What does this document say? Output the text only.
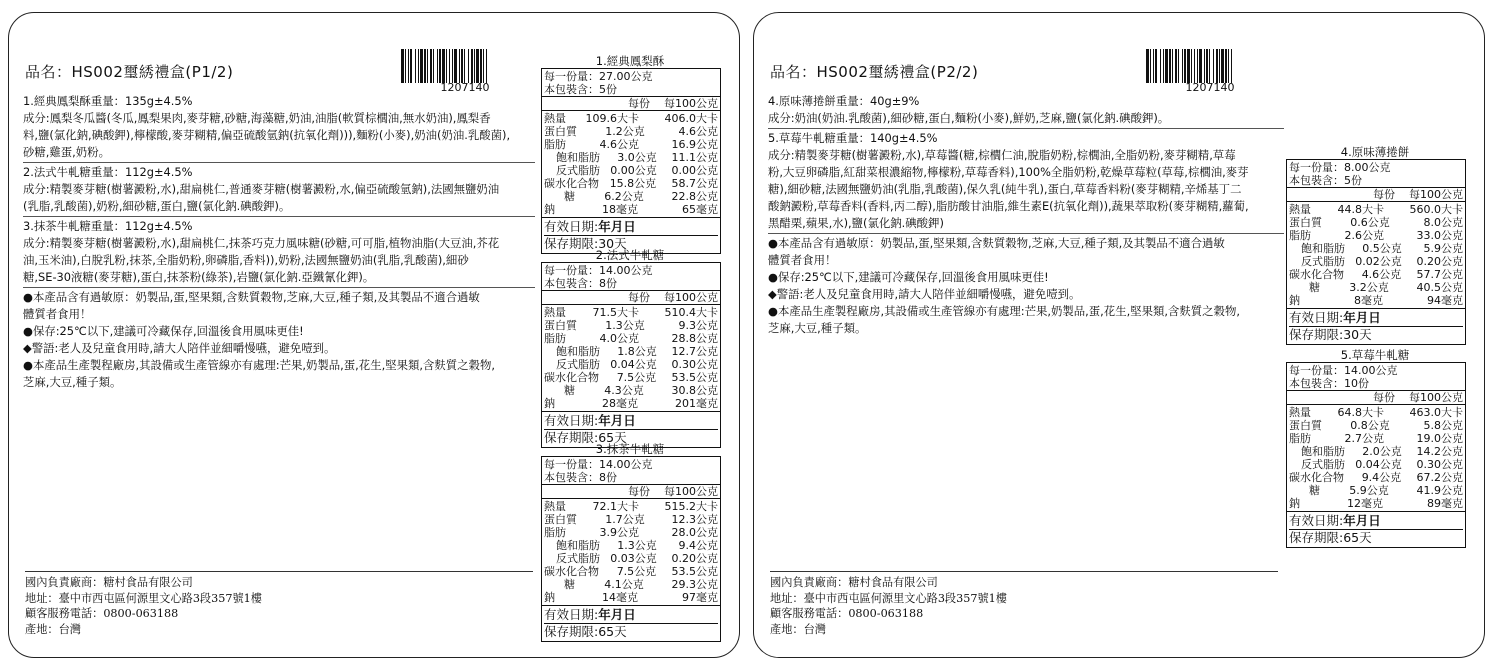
品名：HS002璽綉禮盒(P1/2)
1207140
1.經典鳳梨酥重量：135g±4.5%
成分:鳳梨冬瓜醬(冬瓜,鳳梨果肉,麥芽糖,砂糖,海藻糖,奶油,油脂(軟質棕櫚油,無水奶油),鳳梨香
料,鹽(氯化鈉,碘酸鉀),檸檬酸,麥芽糊精,偏亞硫酸氫鈉(抗氧化劑))),麵粉(小麥),奶油(奶油.乳酸菌),
砂糖,雞蛋,奶粉。
2.法式牛軋糖重量：112g±4.5%
成分:精製麥芽糖(樹薯澱粉,水),甜扁桃仁,普通麥芽糖(樹薯澱粉,水,偏亞硫酸氫鈉),法國無鹽奶油
(乳脂,乳酸菌),奶粉,細砂糖,蛋白,鹽(氯化鈉.碘酸鉀)。
3.抹茶牛軋糖重量：112g±4.5%
成分:精製麥芽糖(樹薯澱粉,水),甜扁桃仁,抹茶巧克力風味糖(砂糖,可可脂,植物油脂(大豆油,芥花
油,玉米油),白脫乳粉,抹茶,全脂奶粉,卵磷脂,香料)),奶粉,法國無鹽奶油(乳脂,乳酸菌),細砂
糖,SE-30液糖(麥芽糖),蛋白,抹茶粉(綠茶),岩鹽(氯化鈉.亞鐵氰化鉀)。
●本產品含有過敏原：奶製品,蛋,堅果類,含麩質穀物,芝麻,大豆,種子類,及其製品不適合過敏
體質者食用！
●保存:25℃以下,建議可冷藏保存,回溫後食用風味更佳!
◆警語:老人及兒童食用時,請大人陪伴並細嚼慢嚥，避免噎到。
●本產品生產製程廠房,其設備或生產管線亦有處理:芒果,奶製品,蛋,花生,堅果類,含麩質之穀物,
芝麻,大豆,種子類。
國內負責廠商：糖村食品有限公司
地址：臺中市西屯區何源里文心路3段357號1樓
顧客服務電話：0800-063188
產地：台灣
1.經典鳳梨酥
每一份量：27.00公克
本包裝含：5份
每份 每100公克
熱量	109.6大卡	406.0大卡
蛋白質	1.2公克	4.6公克
脂肪	4.6公克	16.9公克
飽和脂肪	3.0公克	11.1公克
反式脂肪 0.00公克	0.00公克
碳水化合物 15.8公克	58.7公克
糖	6.2公克	22.8公克
鈉	18毫克	65毫克
有效日期:年月日
保存期限:30天
2.法式牛軋糖
每一份量：14.00公克
本包裝含：8份
每份 每100公克
熱量	71.5大卡	510.4大卡
蛋白質	1.3公克	9.3公克
脂肪	4.0公克	28.8公克
飽和脂肪	1.8公克	12.7公克
反式脂肪 0.04公克	0.30公克
碳水化合物	7.5公克	53.5公克
糖	4.3公克	30.8公克
鈉	28毫克	201毫克
有效日期:年月日
保存期限:65天
3.抹茶牛軋糖
每一份量：14.00公克
本包裝含：8份
每份 每100公克
熱量	72.1大卡	515.2大卡
蛋白質	1.7公克	12.3公克
脂肪	3.9公克	28.0公克
飽和脂肪	1.3公克	9.4公克
反式脂肪 0.03公克	0.20公克
碳水化合物	7.5公克	53.5公克
糖	4.1公克	29.3公克
鈉	14毫克	97毫克
有效日期:年月日
保存期限:65天
品名：HS002璽綉禮盒(P2/2)
1207140
4.原味薄捲餅重量：40g±9%
成分:奶油(奶油.乳酸菌),細砂糖,蛋白,麵粉(小麥),鮮奶,芝麻,鹽(氯化鈉.碘酸鉀)。
5.草莓牛軋糖重量：140g±4.5%
成分:精製麥芽糖(樹薯澱粉,水),草莓醬(糖,棕櫚仁油,脫脂奶粉,棕櫚油,全脂奶粉,麥芽糊精,草莓
粉,大豆卵磷脂,紅甜菜根濃縮物,檸檬粉,草莓香料),100%全脂奶粉,乾燥草莓粒(草莓,棕櫚油,麥芽
糖),細砂糖,法國無鹽奶油(乳脂,乳酸菌),保久乳(純牛乳),蛋白,草莓香料粉(麥芽糊精,辛烯基丁二
酸鈉澱粉,草莓香料(香料,丙二醇),脂肪酸甘油脂,維生素E(抗氧化劑)),蔬果萃取粉(麥芽糊精,蘿蔔,
黑醋栗,蘋果,水),鹽(氯化鈉.碘酸鉀)
●本產品含有過敏原：奶製品,蛋,堅果類,含麩質穀物,芝麻,大豆,種子類,及其製品不適合過敏
體質者食用！
●保存:25℃以下,建議可冷藏保存,回溫後食用風味更佳!
◆警語:老人及兒童食用時,請大人陪伴並細嚼慢嚥，避免噎到。
●本產品生產製程廠房,其設備或生產管線亦有處理:芒果,奶製品,蛋,花生,堅果類,含麩質之穀物,
芝麻,大豆,種子類。
國內負責廠商：糖村食品有限公司
地址：臺中市西屯區何源里文心路3段357號1樓
顧客服務電話：0800-063188
產地：台灣
4.原味薄捲餅
每一份量：8.00公克
本包裝含：5份
每份 每100公克
熱量	44.8大卡	560.0大卡
蛋白質	0.6公克	8.0公克
脂肪	2.6公克	33.0公克
飽和脂肪	0.5公克	5.9公克
反式脂肪 0.02公克	0.20公克
碳水化合物	4.6公克	57.7公克
糖	3.2公克	40.5公克
鈉	8毫克	94毫克
有效日期:年月日
保存期限:30天
5.草莓牛軋糖
每一份量：14.00公克
本包裝含：10份
每份 每100公克
熱量	64.8大卡	463.0大卡
蛋白質	0.8公克	5.8公克
脂肪	2.7公克	19.0公克
飽和脂肪	2.0公克	14.2公克
反式脂肪 0.04公克	0.30公克
碳水化合物	9.4公克	67.2公克
糖	5.9公克	41.9公克
鈉	12毫克	89毫克
有效日期:年月日
保存期限:65天
